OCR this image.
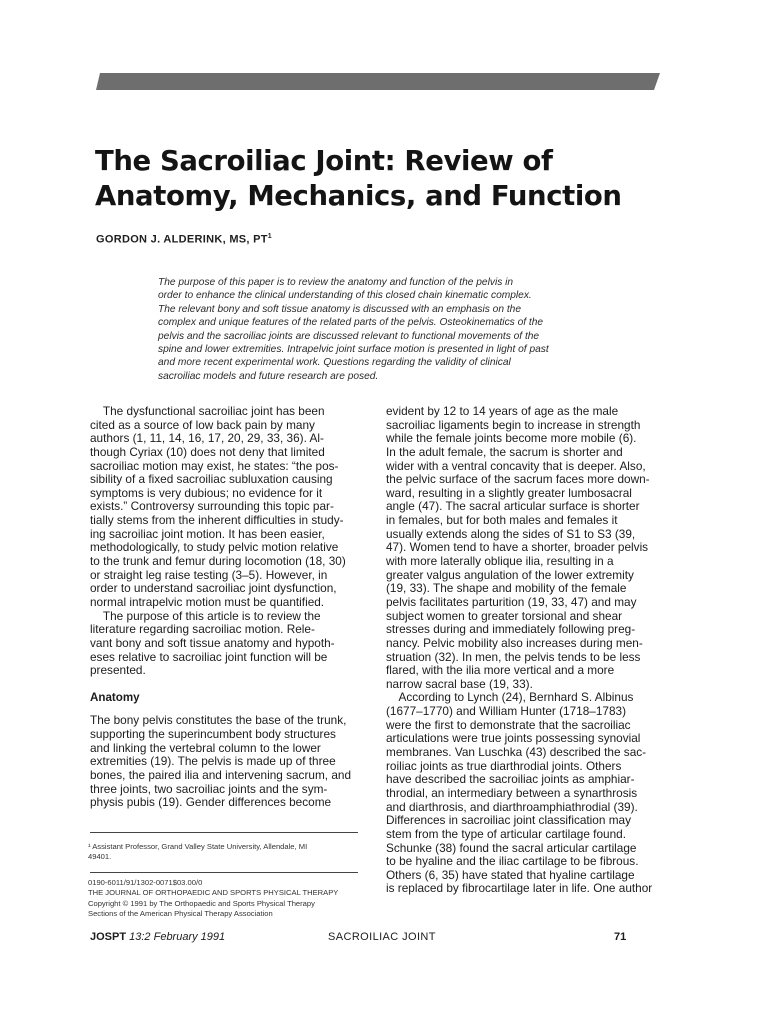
The Sacroiliac Joint: Review of
Anatomy, Mechanics, and Function
GORDON J. ALDERINK, MS, $PT^1$
The purpose of this paper is to review the anatomy and function of the pelvis in
order to enhance the clinical understanding of this closed chain kinematic complex.
The relevant bony and soft tissue anatomy is discussed with an emphasis on the
complex and unique features of the related parts of the pelvis. Osteokinematics of the
pelvis and the sacroiliac joints are discussed relevant to functional movements of the
spine and lower extremities. Intrapelvic joint surface motion is presented in light of past
and more recent experimental work. Questions regarding the validity of clinical
sacroiliac models and future research are posed.
The dysfunctional sacroiliac joint has been
cited as a source of low back pain by many
authors (1, 11, 14, 16, 17, 20, 29, 33, 36). Al-
though Cyriax (10) does not deny that limited
sacroiliac motion may exist, he states: “the pos-
sibility of a fixed sacroiliac subluxation causing
symptoms is very dubious; no evidence for it
exists.” Controversy surrounding this topic par-
tially stems from the inherent difficulties in study-
ing sacroiliac joint motion. It has been easier,
methodologically, to study pelvic motion relative
to the trunk and femur during locomotion (18, 30)
or straight leg raise testing (3–5). However, in
order to understand sacroiliac joint dysfunction,
normal intrapelvic motion must be quantified.
The purpose of this article is to review the
literature regarding sacroiliac motion. Rele-
vant bony and soft tissue anatomy and hypoth-
eses relative to sacroiliac joint function will be
presented.
Anatomy
The bony pelvis constitutes the base of the trunk,
supporting the superincumbent body structures
and linking the vertebral column to the lower
extremities (19). The pelvis is made up of three
bones, the paired ilia and intervening sacrum, and
three joints, two sacroiliac joints and the sym-
physis pubis (19). Gender differences become
¹ Assistant Professor, Grand Valley State University, Allendale, MI
49401.
0190-6011/91/1302-0071$03.00/0
THE JOURNAL OF ORTHOPAEDIC AND SPORTS PHYSICAL THERAPY
Copyright © 1991 by The Orthopaedic and Sports Physical Therapy
Sections of the American Physical Therapy Association
evident by 12 to 14 years of age as the male
sacroiliac ligaments begin to increase in strength
while the female joints become more mobile (6).
In the adult female, the sacrum is shorter and
wider with a ventral concavity that is deeper. Also,
the pelvic surface of the sacrum faces more down-
ward, resulting in a slightly greater lumbosacral
angle (47). The sacral articular surface is shorter
in females, but for both males and females it
usually extends along the sides of S1 to S3 (39,
47). Women tend to have a shorter, broader pelvis
with more laterally oblique ilia, resulting in a
greater valgus angulation of the lower extremity
(19, 33). The shape and mobility of the female
pelvis facilitates parturition (19, 33, 47) and may
subject women to greater torsional and shear
stresses during and immediately following preg-
nancy. Pelvic mobility also increases during men-
struation (32). In men, the pelvis tends to be less
flared, with the ilia more vertical and a more
narrow sacral base (19, 33).
According to Lynch (24), Bernhard S. Albinus
(1677–1770) and William Hunter (1718–1783)
were the first to demonstrate that the sacroiliac
articulations were true joints possessing synovial
membranes. Van Luschka (43) described the sac-
roiliac joints as true diarthrodial joints. Others
have described the sacroiliac joints as amphiar-
throdial, an intermediary between a synarthrosis
and diarthrosis, and diarthroamphiathrodial (39).
Differences in sacroiliac joint classification may
stem from the type of articular cartilage found.
Schunke (38) found the sacral articular cartilage
to be hyaline and the iliac cartilage to be fibrous.
Others (6, 35) have stated that hyaline cartilage
is replaced by fibrocartilage later in life. One author
JOSPT 13:2 February 1991	SACROILIAC JOINT	71
